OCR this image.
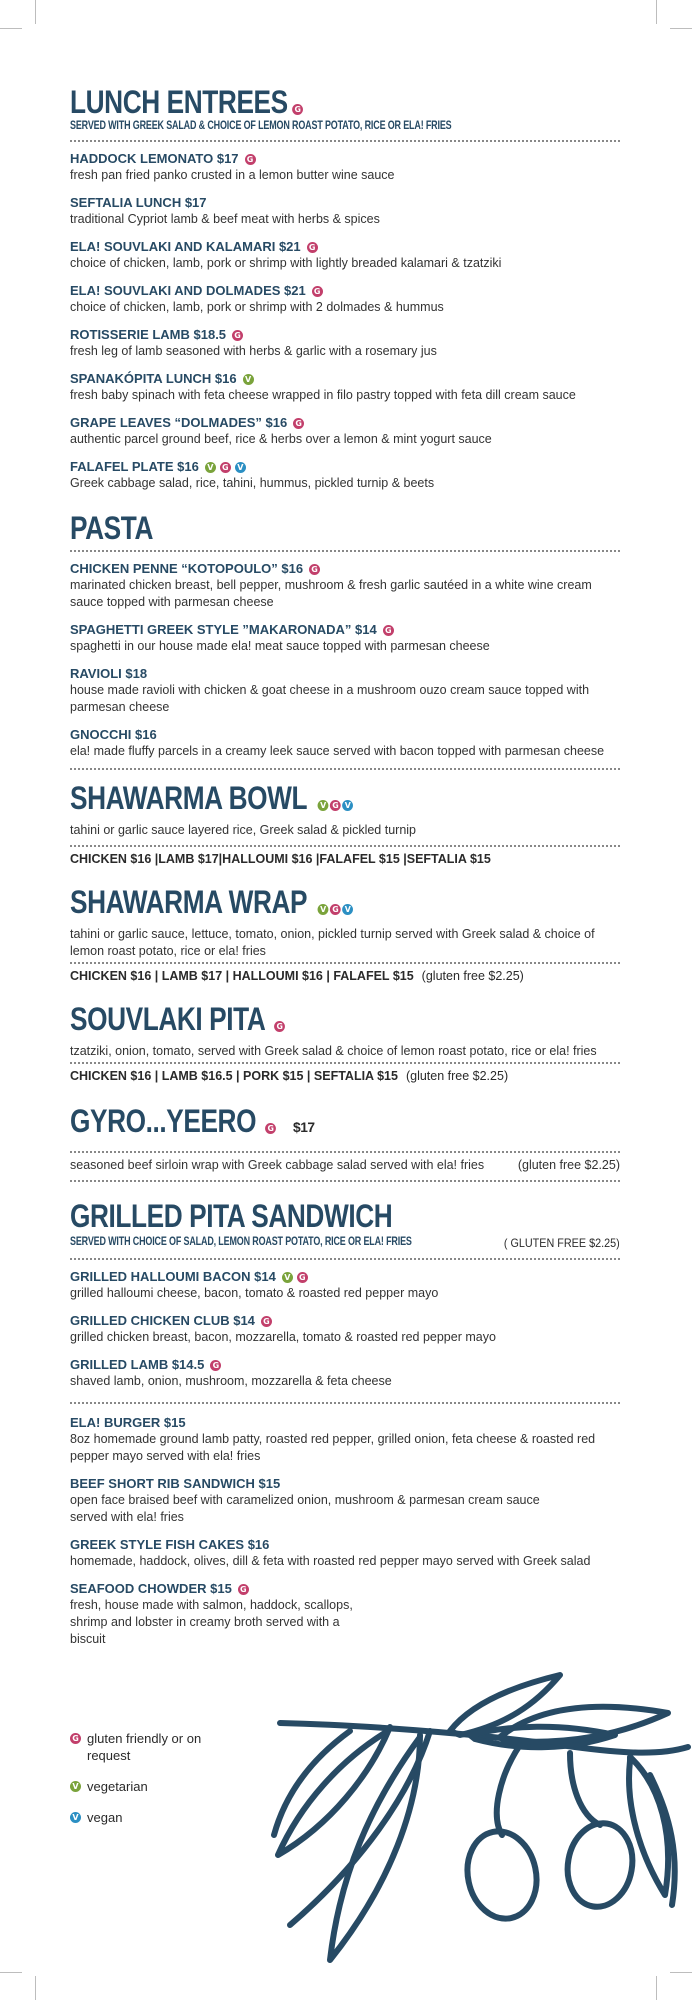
LUNCH ENTREES G
SERVED WITH GREEK SALAD & CHOICE OF LEMON ROAST POTATO, RICE OR ELA! FRIES
HADDOCK LEMONATO $17 G
fresh pan fried panko crusted in a lemon butter wine sauce
SEFTALIA LUNCH $17
traditional Cypriot lamb & beef meat with herbs & spices
ELA! SOUVLAKI AND KALAMARI $21 G
choice of chicken, lamb, pork or shrimp with lightly breaded kalamari & tzatziki
ELA! SOUVLAKI AND DOLMADES $21 G
choice of chicken, lamb, pork or shrimp with 2 dolmades & hummus
ROTISSERIE LAMB $18.5 G
fresh leg of lamb seasoned with herbs & garlic with a rosemary jus
SPANAKÓPITA LUNCH $16 V
fresh baby spinach with feta cheese wrapped in filo pastry topped with feta dill cream sauce
GRAPE LEAVES “DOLMADES” $16 G
authentic parcel ground beef, rice & herbs over a lemon & mint yogurt sauce
FALAFEL PLATE $16 V G V
Greek cabbage salad, rice, tahini, hummus, pickled turnip & beets
PASTA
CHICKEN PENNE “KOTOPOULO” $16 G
marinated chicken breast, bell pepper, mushroom & fresh garlic sautéed in a white wine cream sauce topped with parmesan cheese
SPAGHETTI GREEK STYLE ”MAKARONADA” $14 G
spaghetti in our house made ela! meat sauce topped with parmesan cheese
RAVIOLI $18
house made ravioli with chicken & goat cheese in a mushroom ouzo cream sauce topped with parmesan cheese
GNOCCHI $16
ela! made fluffy parcels in a creamy leek sauce served with bacon topped with parmesan cheese
SHAWARMA BOWL V G V
tahini or garlic sauce layered rice, Greek salad & pickled turnip
CHICKEN $16 |LAMB $17|HALLOUMI $16 |FALAFEL $15 |SEFTALIA $15
SHAWARMA WRAP V G V
tahini or garlic sauce, lettuce, tomato, onion, pickled turnip served with Greek salad & choice of lemon roast potato, rice or ela! fries
CHICKEN $16 | LAMB $17 | HALLOUMI $16 | FALAFEL $15 (gluten free $2.25)
SOUVLAKI PITA G
tzatziki, onion, tomato, served with Greek salad & choice of lemon roast potato, rice or ela! fries
CHICKEN $16 | LAMB $16.5 | PORK $15 | SEFTALIA $15 (gluten free $2.25)
GYRO...YEERO G $17
seasoned beef sirloin wrap with Greek cabbage salad served with ela! fries	(gluten free $2.25)
GRILLED PITA SANDWICH
SERVED WITH CHOICE OF SALAD, LEMON ROAST POTATO, RICE OR ELA! FRIES	( GLUTEN FREE $2.25)
GRILLED HALLOUMI BACON $14 V G
grilled halloumi cheese, bacon, tomato & roasted red pepper mayo
GRILLED CHICKEN CLUB $14 G
grilled chicken breast, bacon, mozzarella, tomato & roasted red pepper mayo
GRILLED LAMB $14.5 G
shaved lamb, onion, mushroom, mozzarella & feta cheese
ELA! BURGER $15
8oz homemade ground lamb patty, roasted red pepper, grilled onion, feta cheese & roasted red pepper mayo served with ela! fries
BEEF SHORT RIB SANDWICH $15
open face braised beef with caramelized onion, mushroom & parmesan cream sauce served with ela! fries
GREEK STYLE FISH CAKES $16
homemade, haddock, olives, dill & feta with roasted red pepper mayo served with Greek salad
SEAFOOD CHOWDER $15 G
fresh, house made with salmon, haddock, scallops, shrimp and lobster in creamy broth served with a biscuit
G gluten friendly or on request
V vegetarian
V vegan
